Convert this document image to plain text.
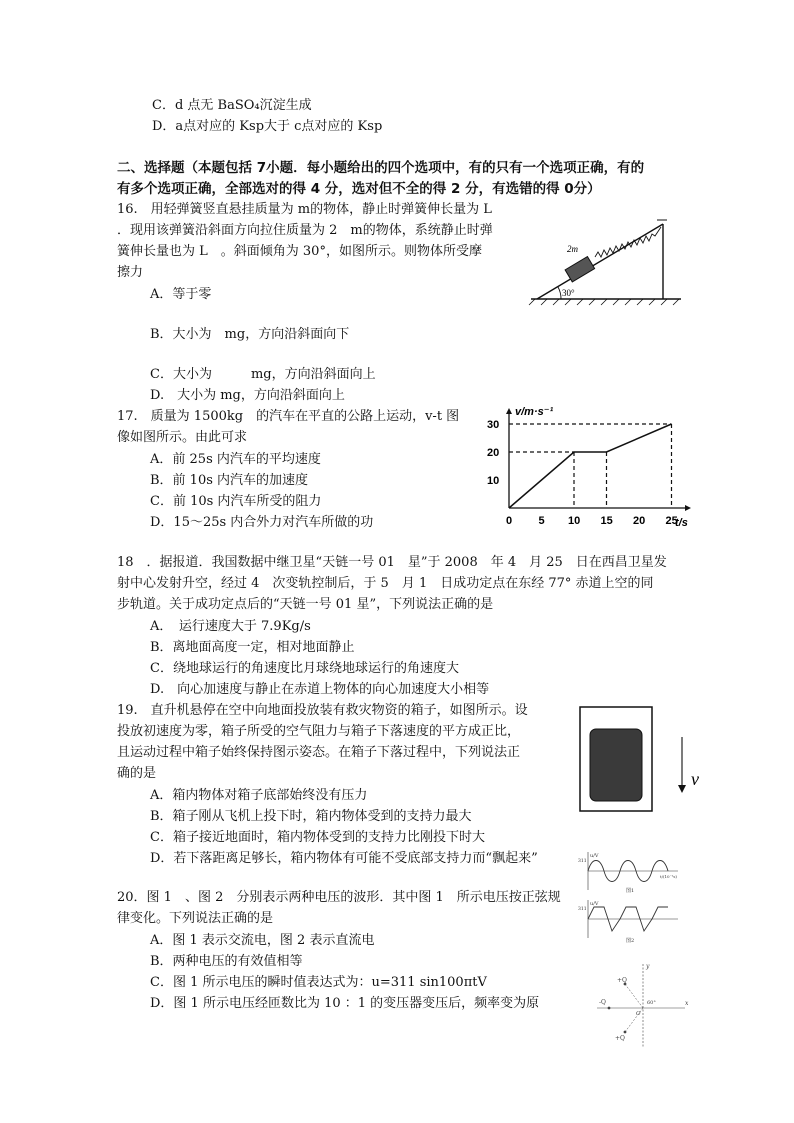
C．d 点无 BaSO₄沉淀生成
D．a点对应的 Ksp大于 c点对应的 Ksp
二、选择题（本题包括 7小题．每小题给出的四个选项中，有的只有一个选项正确，有的
有多个选项正确，全部选对的得 4 分，选对但不全的得 2 分，有选错的得 0分）
16.　用轻弹簧竖直悬挂质量为 m的物体，静止时弹簧伸长量为 L
．现用该弹簧沿斜面方向拉住质量为 2　m的物体，系统静止时弹
簧伸长量也为 L　。斜面倾角为 30°，如图所示。则物体所受摩
擦力
A．等于零
B．大小为　mg，方向沿斜面向下
C．大小为　　　mg，方向沿斜面向上
D.　大小为 mg，方向沿斜面向上
17.　质量为 1500kg　的汽车在平直的公路上运动，v-t 图
像如图所示。由此可求
A．前 25s 内汽车的平均速度
B．前 10s 内汽车的加速度
C．前 10s 内汽车所受的阻力
D．15～25s 内合外力对汽车所做的功
18　．据报道．我国数据中继卫星“天链一号 01　星”于 2008　年 4　月 25　日在西昌卫星发
射中心发射升空，经过 4　次变轨控制后，于 5　月 1　日成功定点在东经 77° 赤道上空的同
步轨道。关于成功定点后的“天链一号 01 星”，下列说法正确的是
A．　运行速度大于 7.9Kg/s
B．离地面高度一定，相对地面静止
C．绕地球运行的角速度比月球绕地球运行的角速度大
D.　向心加速度与静止在赤道上物体的向心加速度大小相等
19.　直升机悬停在空中向地面投放装有救灾物资的箱子，如图所示。设
投放初速度为零，箱子所受的空气阻力与箱子下落速度的平方成正比，
且运动过程中箱子始终保持图示姿态。在箱子下落过程中，下列说法正
确的是
A．箱内物体对箱子底部始终没有压力
B．箱子刚从飞机上投下时，箱内物体受到的支持力最大
C．箱子接近地面时，箱内物体受到的支持力比刚投下时大
D．若下落距离足够长，箱内物体有可能不受底部支持力而“飘起来”
20．图 1　、图 2　分别表示两种电压的波形．其中图 1　所示电压按正弦规
律变化。下列说法正确的是
A．图 1 表示交流电，图 2 表示直流电
B．两种电压的有效值相等
C．图 1 所示电压的瞬时值表达式为：u=311 sin100πtV
D．图 1 所示电压经匝数比为 10 ：1 的变压器变压后，频率变为原
30°
2m
v/m·s⁻¹
t/s
10
20
30
0 5 10 15 20 25
v
u/V
311
t/(10⁻²s)
图1
u/V
311
图2
x
y
+Q
-Q
+Q
60°
O
